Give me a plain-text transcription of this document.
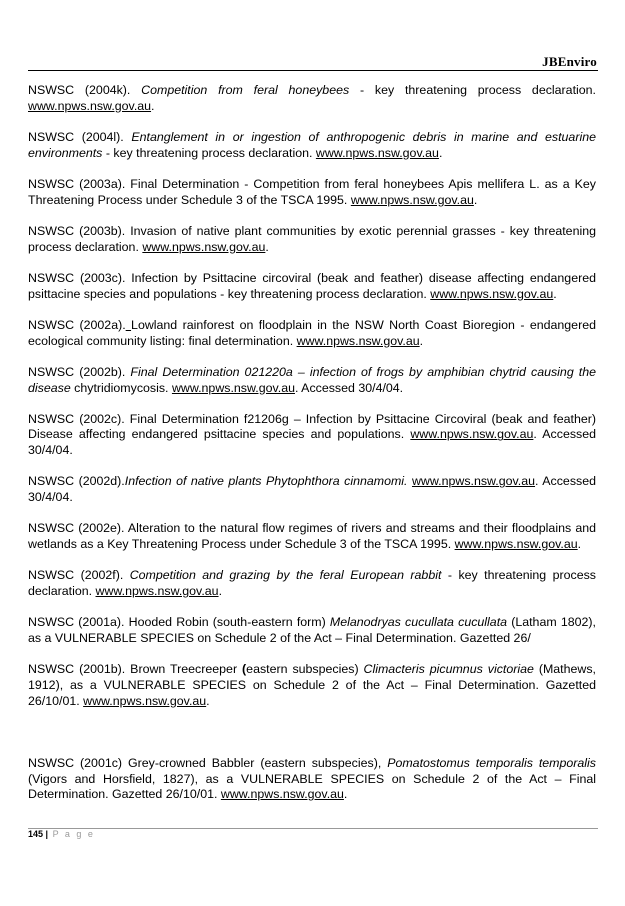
JBEnviro

NSWSC (2004k). Competition from feral honeybees - key threatening process declaration. www.npws.nsw.gov.au.

NSWSC (2004l). Entanglement in or ingestion of anthropogenic debris in marine and estuarine environments - key threatening process declaration. www.npws.nsw.gov.au.

NSWSC (2003a). Final Determination - Competition from feral honeybees Apis mellifera L. as a Key Threatening Process under Schedule 3 of the TSCA 1995. www.npws.nsw.gov.au.

NSWSC (2003b). Invasion of native plant communities by exotic perennial grasses - key threatening process declaration. www.npws.nsw.gov.au.

NSWSC (2003c). Infection by Psittacine circoviral (beak and feather) disease affecting endangered psittacine species and populations - key threatening process declaration. www.npws.nsw.gov.au.

NSWSC (2002a). Lowland rainforest on floodplain in the NSW North Coast Bioregion - endangered ecological community listing: final determination. www.npws.nsw.gov.au.

NSWSC (2002b). Final Determination 021220a – infection of frogs by amphibian chytrid causing the disease chytridiomycosis. www.npws.nsw.gov.au. Accessed 30/4/04.

NSWSC (2002c). Final Determination f21206g – Infection by Psittacine Circoviral (beak and feather) Disease affecting endangered psittacine species and populations. www.npws.nsw.gov.au. Accessed 30/4/04.

NSWSC (2002d).Infection of native plants Phytophthora cinnamomi. www.npws.nsw.gov.au. Accessed 30/4/04.

NSWSC (2002e). Alteration to the natural flow regimes of rivers and streams and their floodplains and wetlands as a Key Threatening Process under Schedule 3 of the TSCA 1995. www.npws.nsw.gov.au.

NSWSC (2002f). Competition and grazing by the feral European rabbit - key threatening process declaration. www.npws.nsw.gov.au.

NSWSC (2001a). Hooded Robin (south-eastern form) Melanodryas cucullata cucullata (Latham 1802), as a VULNERABLE SPECIES on Schedule 2 of the Act – Final Determination. Gazetted 26/

NSWSC (2001b). Brown Treecreeper (eastern subspecies) Climacteris picumnus victoriae (Mathews, 1912), as a VULNERABLE SPECIES on Schedule 2 of the Act – Final Determination. Gazetted 26/10/01. www.npws.nsw.gov.au.

NSWSC (2001c) Grey-crowned Babbler (eastern subspecies), Pomatostomus temporalis temporalis (Vigors and Horsfield, 1827), as a VULNERABLE SPECIES on Schedule 2 of the Act – Final Determination. Gazetted 26/10/01. www.npws.nsw.gov.au.

145 | P a g e
